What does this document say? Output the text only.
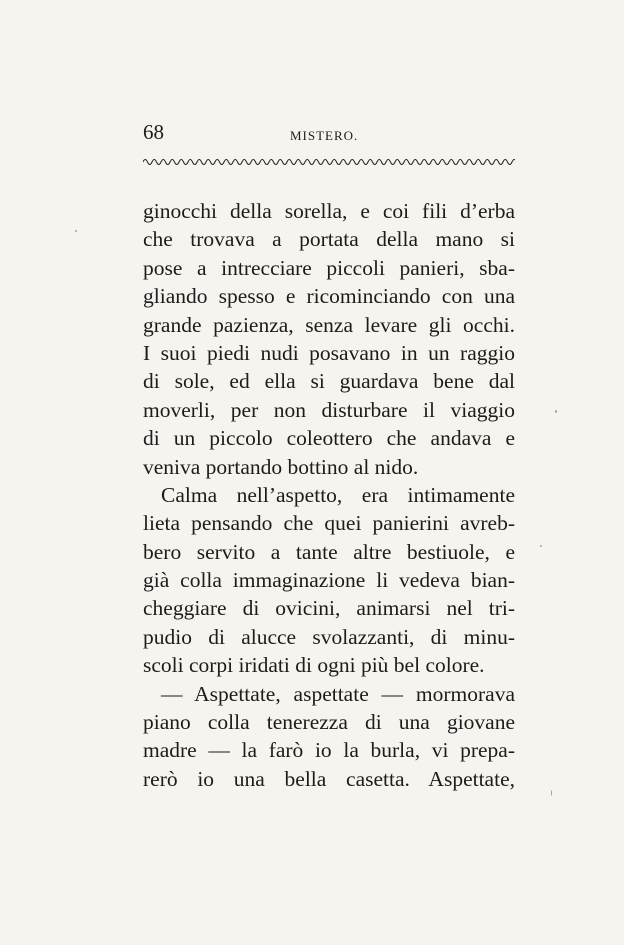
68	MISTERO.
ginocchi della sorella, e coi fili d’erba
che trovava a portata della mano si
pose a intrecciare piccoli panieri, sba-
gliando spesso e ricominciando con una
grande pazienza, senza levare gli occhi.
I suoi piedi nudi posavano in un raggio
di sole, ed ella si guardava bene dal
moverli, per non disturbare il viaggio
di un piccolo coleottero che andava e
veniva portando bottino al nido.
Calma nell’aspetto, era intimamente
lieta pensando che quei panierini avreb-
bero servito a tante altre bestiuole, e
già colla immaginazione li vedeva bian-
cheggiare di ovicini, animarsi nel tri-
pudio di alucce svolazzanti, di minu-
scoli corpi iridati di ogni più bel colore.
— Aspettate, aspettate — mormorava
piano colla tenerezza di una giovane
madre — la farò io la burla, vi prepa-
rerò io una bella casetta. Aspettate,
